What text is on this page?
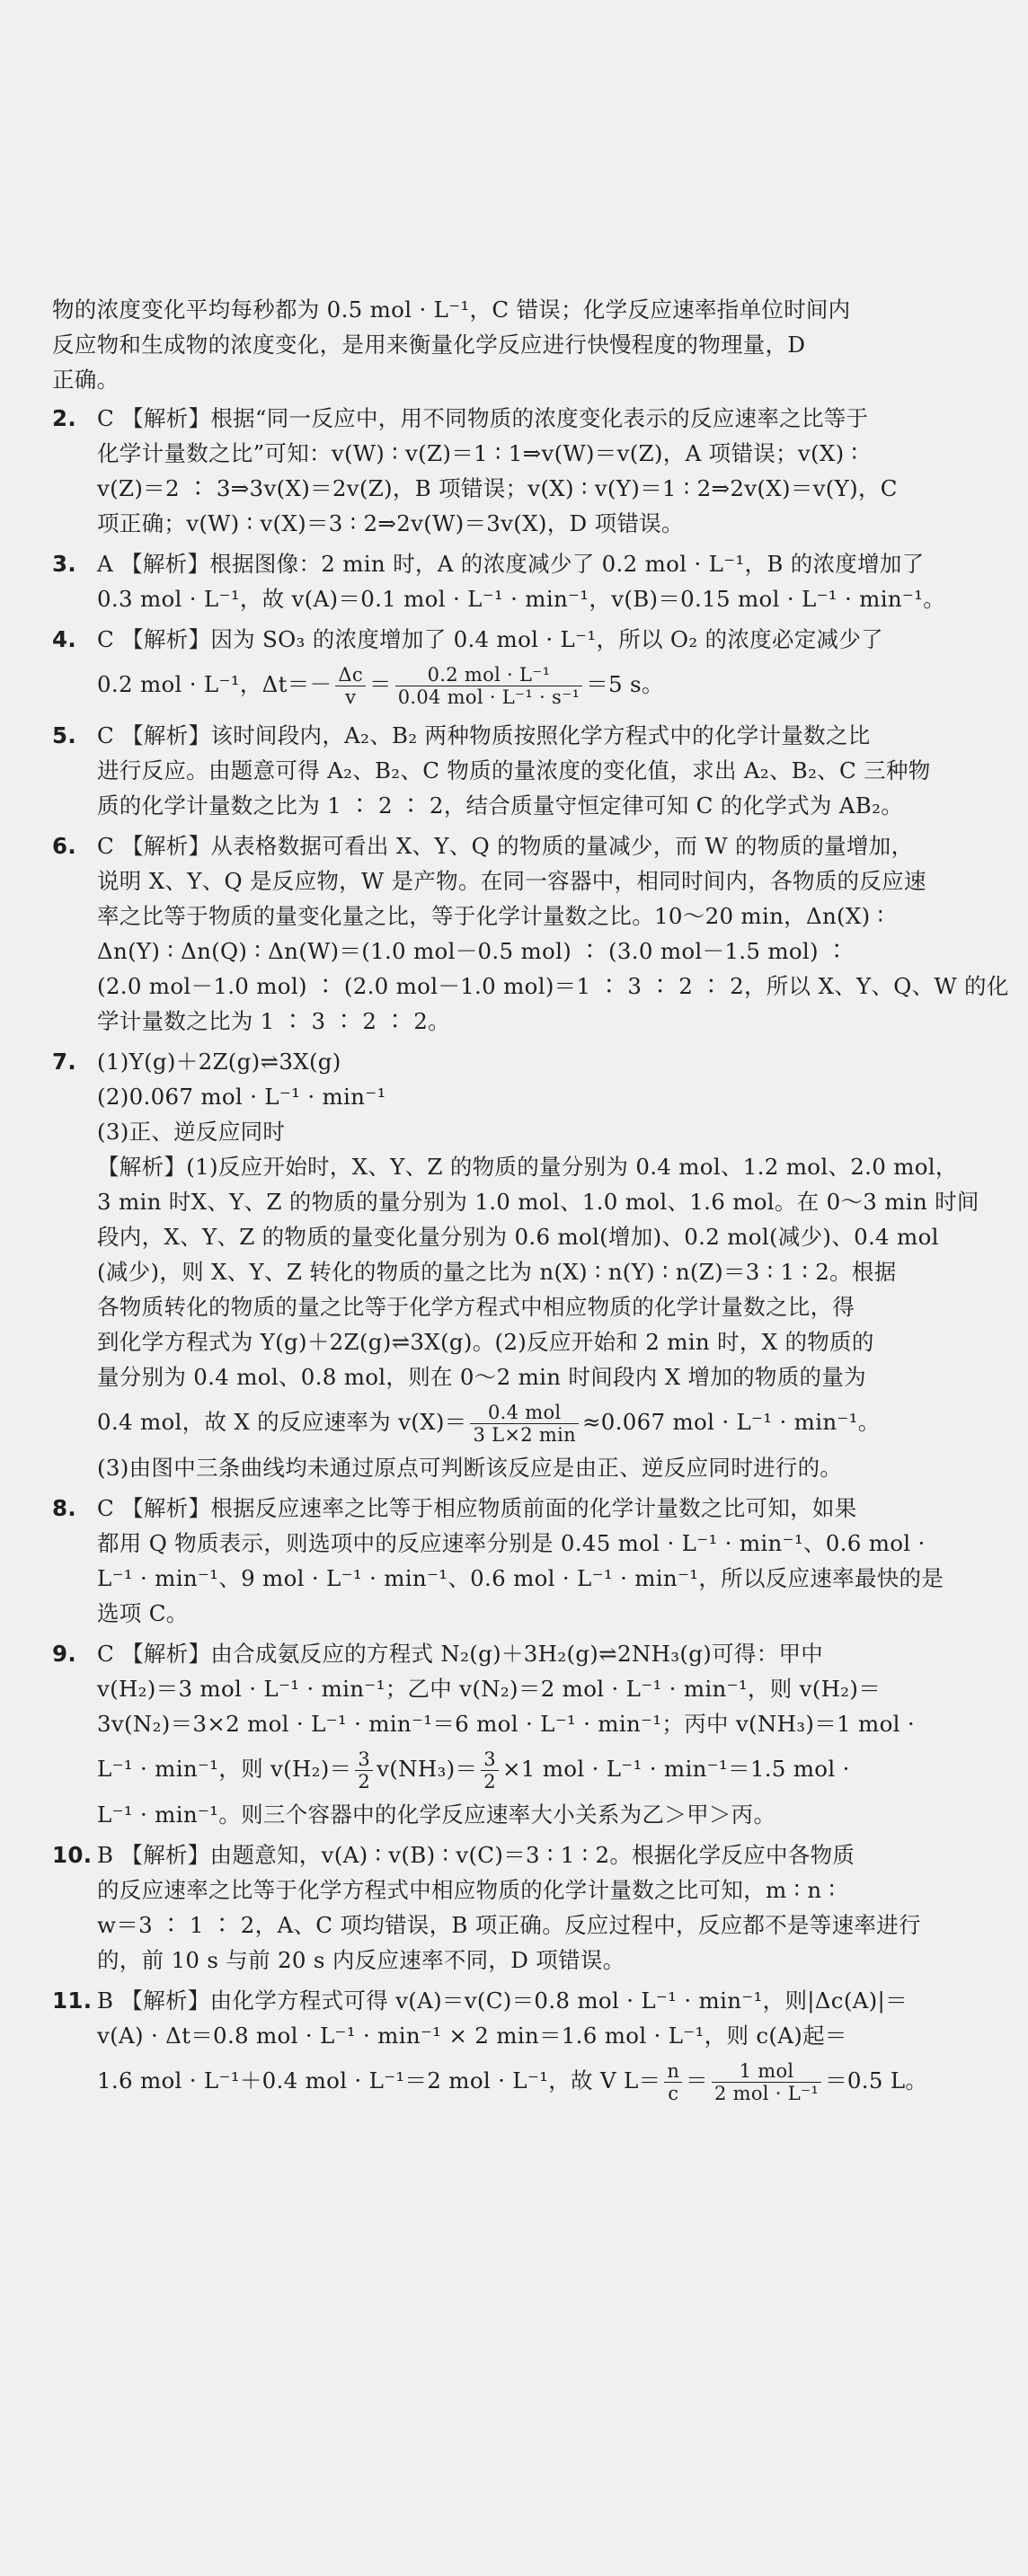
物的浓度变化平均每秒都为 0.5 mol · L⁻¹，C 错误；化学反应速率指单位时间内
反应物和生成物的浓度变化，是用来衡量化学反应进行快慢程度的物理量，D
正确。
2. C 【解析】根据“同一反应中，用不同物质的浓度变化表示的反应速率之比等于
化学计量数之比”可知：v(W) ∶ v(Z)＝1 ∶ 1⇒v(W)＝v(Z)，A 项错误；v(X) ∶
v(Z)＝2 ∶ 3⇒3v(X)＝2v(Z)，B 项错误；v(X) ∶ v(Y)＝1 ∶ 2⇒2v(X)＝v(Y)，C
项正确；v(W) ∶ v(X)＝3 ∶ 2⇒2v(W)＝3v(X)，D 项错误。
3. A 【解析】根据图像：2 min 时，A 的浓度减少了 0.2 mol · L⁻¹，B 的浓度增加了
0.3 mol · L⁻¹，故 v(A)＝0.1 mol · L⁻¹ · min⁻¹，v(B)＝0.15 mol · L⁻¹ · min⁻¹。
4. C 【解析】因为 SO₃ 的浓度增加了 0.4 mol · L⁻¹，所以 O₂ 的浓度必定减少了
0.2 mol · L⁻¹，$\Delta t=- \frac{\Delta c}{v} = \frac{\text{0.2 mol · L⁻¹}}{\text{0.04 mol · L⁻¹ · s⁻¹}} =5$ s。
5. C 【解析】该时间段内，A₂、B₂ 两种物质按照化学方程式中的化学计量数之比
进行反应。由题意可得 A₂、B₂、C 物质的量浓度的变化值，求出 A₂、B₂、C 三种物
质的化学计量数之比为 1 ∶ 2 ∶ 2，结合质量守恒定律可知 C 的化学式为 AB₂。
6. C 【解析】从表格数据可看出 X、Y、Q 的物质的量减少，而 W 的物质的量增加，
说明 X、Y、Q 是反应物，W 是产物。在同一容器中，相同时间内，各物质的反应速
率之比等于物质的量变化量之比，等于化学计量数之比。10～20 min，Δn(X) ∶
Δn(Y) ∶ Δn(Q) ∶ Δn(W)＝(1.0 mol－0.5 mol) ∶ (3.0 mol－1.5 mol) ∶
(2.0 mol－1.0 mol) ∶ (2.0 mol－1.0 mol)＝1 ∶ 3 ∶ 2 ∶ 2，所以 X、Y、Q、W 的化
学计量数之比为 1 ∶ 3 ∶ 2 ∶ 2。
7. (1)Y(g)＋2Z(g)⇌3X(g)
(2)0.067 mol · L⁻¹ · min⁻¹
(3)正、逆反应同时
【解析】(1)反应开始时，X、Y、Z 的物质的量分别为 0.4 mol、1.2 mol、2.0 mol，
3 min 时X、Y、Z 的物质的量分别为 1.0 mol、1.0 mol、1.6 mol。在 0～3 min 时间
段内，X、Y、Z 的物质的量变化量分别为 0.6 mol(增加)、0.2 mol(减少)、0.4 mol
(减少)，则 X、Y、Z 转化的物质的量之比为 n(X) ∶ n(Y) ∶ n(Z)＝3 ∶ 1 ∶ 2。根据
各物质转化的物质的量之比等于化学方程式中相应物质的化学计量数之比，得
到化学方程式为 Y(g)＋2Z(g)⇌3X(g)。(2)反应开始和 2 min 时，X 的物质的
量分别为 0.4 mol、0.8 mol，则在 0～2 min 时间段内 X 增加的物质的量为
0.4 mol，故 X 的反应速率为 $v(X)= \frac{\text{0.4 mol}}{3 L\times 2 \min} \approx 0.067$ mol · L⁻¹ · min⁻¹。
(3)由图中三条曲线均未通过原点可判断该反应是由正、逆反应同时进行的。
8. C 【解析】根据反应速率之比等于相应物质前面的化学计量数之比可知，如果
都用 Q 物质表示，则选项中的反应速率分别是 0.45 mol · L⁻¹ · min⁻¹、0.6 mol ·
L⁻¹ · min⁻¹、9 mol · L⁻¹ · min⁻¹、0.6 mol · L⁻¹ · min⁻¹，所以反应速率最快的是
选项 C。
9. C 【解析】由合成氨反应的方程式 N₂(g)＋3H₂(g)⇌2NH₃(g)可得：甲中
v(H₂)＝3 mol · L⁻¹ · min⁻¹；乙中 v(N₂)＝2 mol · L⁻¹ · min⁻¹，则 v(H₂)＝
3v(N₂)＝3×2 mol · L⁻¹ · min⁻¹＝6 mol · L⁻¹ · min⁻¹；丙中 v(NH₃)＝1 mol ·
L⁻¹ · min⁻¹，则 $v(H_2)= \frac{3}{2} v(NH_3)= \frac{3}{2} \times 1$ mol · L⁻¹ · min⁻¹＝1.5 mol ·
L⁻¹ · min⁻¹。则三个容器中的化学反应速率大小关系为乙＞甲＞丙。
10. B 【解析】由题意知，v(A) ∶ v(B) ∶ v(C)＝3 ∶ 1 ∶ 2。根据化学反应中各物质
的反应速率之比等于化学方程式中相应物质的化学计量数之比可知，m ∶ n ∶
w＝3 ∶ 1 ∶ 2，A、C 项均错误，B 项正确。反应过程中，反应都不是等速率进行
的，前 10 s 与前 20 s 内反应速率不同，D 项错误。
11. B 【解析】由化学方程式可得 v(A)＝v(C)＝0.8 mol · L⁻¹ · min⁻¹，则|Δc(A)|＝
v(A) · Δt＝0.8 mol · L⁻¹ · min⁻¹ × 2 min＝1.6 mol · L⁻¹，则 c(A)起＝
1.6 mol · L⁻¹＋0.4 mol · L⁻¹＝2 mol · L⁻¹，故 V $L= \frac{n}{c} = \frac{\text{1 mol}}{\text{2 mol · L⁻¹}} =0.5$ L。
